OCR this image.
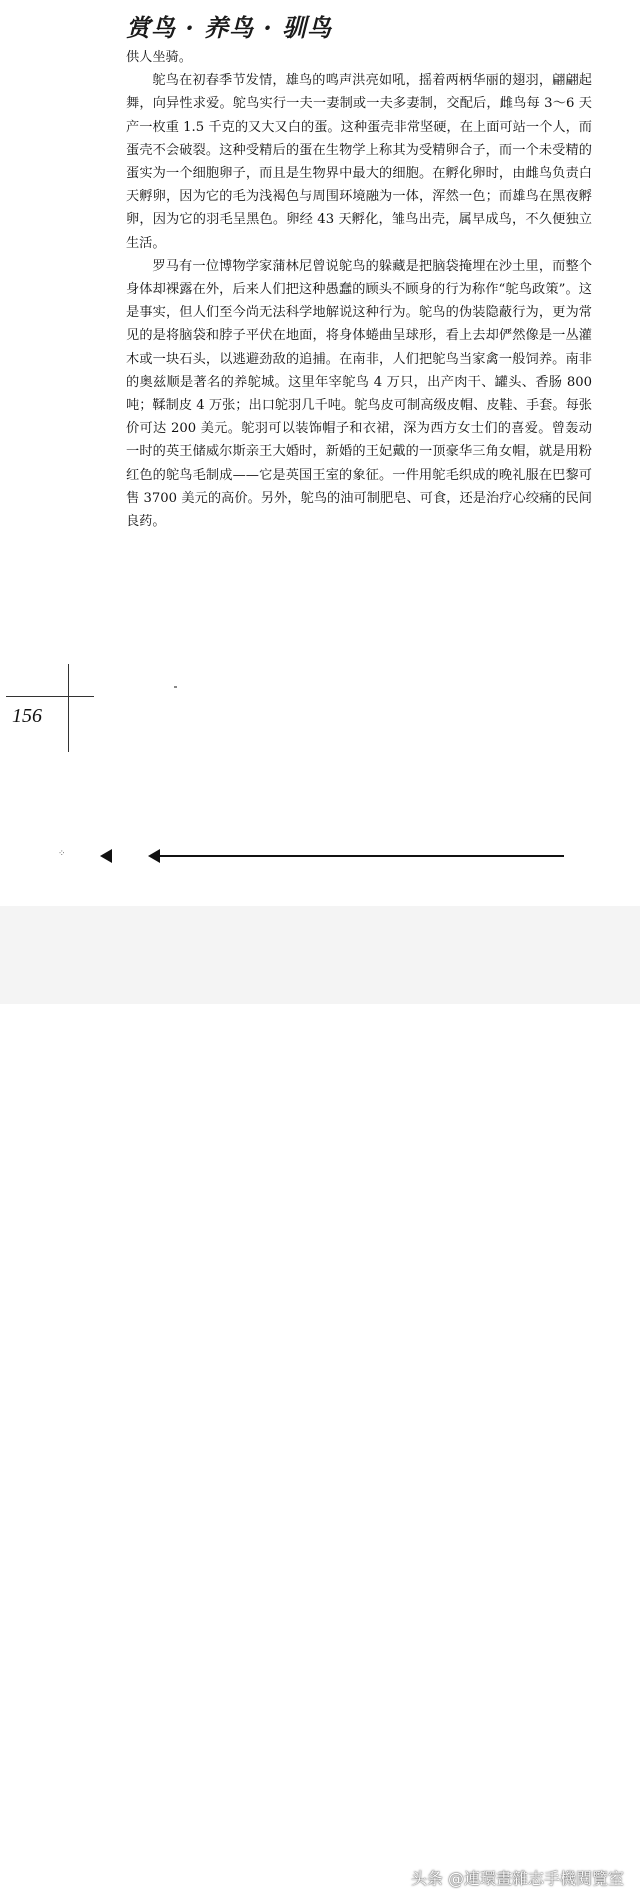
赏鸟 · 养鸟 · 驯鸟

供人坐骑。

鸵鸟在初春季节发情，雄鸟的鸣声洪亮如吼，摇着两柄华丽的翅羽，翩翩起舞，向异性求爱。鸵鸟实行一夫一妻制或一夫多妻制，交配后，雌鸟每 3～6 天产一枚重 1.5 千克的又大又白的蛋。这种蛋壳非常坚硬，在上面可站一个人，而蛋壳不会破裂。这种受精后的蛋在生物学上称其为受精卵合子，而一个未受精的蛋实为一个细胞卵子，而且是生物界中最大的细胞。在孵化卵时，由雌鸟负责白天孵卵，因为它的毛为浅褐色与周围环境融为一体，浑然一色；而雄鸟在黑夜孵卵，因为它的羽毛呈黑色。卵经 43 天孵化，雏鸟出壳，属早成鸟，不久便独立生活。

罗马有一位博物学家蒲林尼曾说鸵鸟的躲藏是把脑袋掩埋在沙土里，而整个身体却裸露在外，后来人们把这种愚蠢的顾头不顾身的行为称作“鸵鸟政策”。这是事实，但人们至今尚无法科学地解说这种行为。鸵鸟的伪装隐蔽行为，更为常见的是将脑袋和脖子平伏在地面，将身体蜷曲呈球形，看上去却俨然像是一丛灌木或一块石头，以逃避劲敌的追捕。在南非，人们把鸵鸟当家禽一般饲养。南非的奥兹顺是著名的养鸵城。这里年宰鸵鸟 4 万只，出产肉干、罐头、香肠 800 吨；鞣制皮 4 万张；出口鸵羽几千吨。鸵鸟皮可制高级皮帽、皮鞋、手套。每张价可达 200 美元。鸵羽可以装饰帽子和衣裙，深为西方女士们的喜爱。曾轰动一时的英王储威尔斯亲王大婚时，新婚的王妃戴的一顶豪华三角女帽，就是用粉红色的鸵鸟毛制成——它是英国王室的象征。一件用鸵毛织成的晚礼服在巴黎可售 3700 美元的高价。另外，鸵鸟的油可制肥皂、可食，还是治疗心绞痛的民间良药。

156
⁘
头条 @連環畫雜志手機閱覽室
